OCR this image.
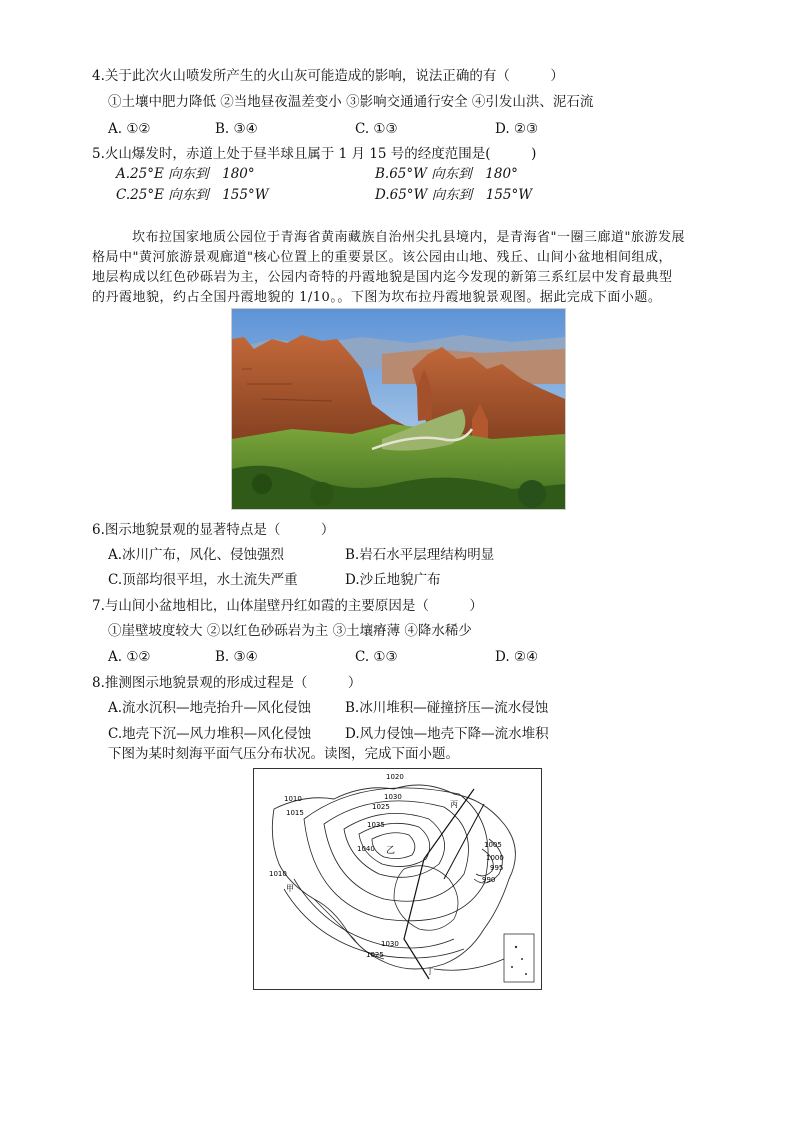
4.关于此次火山喷发所产生的火山灰可能造成的影响，说法正确的有（　　　）
①土壤中肥力降低 ②当地昼夜温差变小 ③影响交通通行安全 ④引发山洪、泥石流
A. ①②	B. ③④	C. ①③	D. ②③
5.火山爆发时，赤道上处于昼半球且属于 1 月 15 号的经度范围是(　　　)
A.25°E 向东到　180°	B.65°W 向东到　180°
C.25°E 向东到　155°W	D.65°W 向东到　155°W
坎布拉国家地质公园位于青海省黄南藏族自治州尖扎县境内，是青海省"一圈三廊道"旅游发展
格局中"黄河旅游景观廊道"核心位置上的重要景区。该公园由山地、残丘、山间小盆地相间组成，
地层构成以红色砂砾岩为主，公园内奇特的丹霞地貌是国内迄今发现的新第三系红层中发育最典型
的丹霞地貌，约占全国丹霞地貌的 1/10。。下图为坎布拉丹霞地貌景观图。据此完成下面小题。
6.图示地貌景观的显著特点是（　　　）
A.冰川广布，风化、侵蚀强烈	B.岩石水平层理结构明显
C.顶部均很平坦，水土流失严重	D.沙丘地貌广布
7.与山间小盆地相比，山体崖壁丹红如霞的主要原因是（　　　）
①崖壁坡度较大 ②以红色砂砾岩为主 ③土壤瘠薄 ④降水稀少
A. ①②	B. ③④	C. ①③	D. ②④
8.推测图示地貌景观的形成过程是（　　　）
A.流水沉积—地壳抬升—风化侵蚀	B.冰川堆积—碰撞挤压—流水侵蚀
C.地壳下沉—风力堆积—风化侵蚀	D.风力侵蚀—地壳下降—流水堆积
下图为某时刻海平面气压分布状况。读图，完成下面小题。
1020
1030
1025
1035
1040
1010
1015
1010
1005
1000
995
990
1030
1025
丙
乙
甲
丁
